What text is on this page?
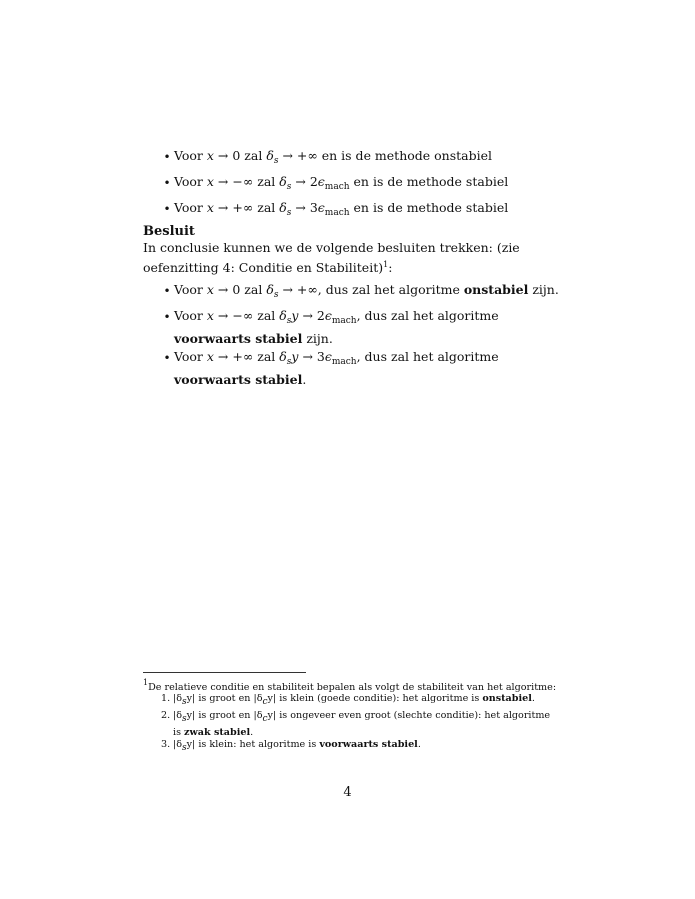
• Voor x → 0 zal $\delta_s$ → +∞ en is de methode onstabiel
• Voor x → −∞ zal $\delta_s \to 2\epsilon_{mach}$ en is de methode stabiel
• Voor x → +∞ zal $\delta_s \to 3\epsilon_{mach}$ en is de methode stabiel
Besluit
In conclusie kunnen we de volgende besluiten trekken: (zie oefenzitting 4: Conditie en Stabiliteit)$^1$:
• Voor x → 0 zal $\delta_s$ → +∞, dus zal het algoritme onstabiel zijn.
• Voor x → −∞ zal $\delta_sy \to 2\epsilon_{mach}$, dus zal het algoritme voorwaarts stabiel zijn.
• Voor x → +∞ zal $\delta_sy \to 3\epsilon_{mach}$, dus zal het algoritme voorwaarts stabiel.
$^1$De relatieve conditie en stabiliteit bepalen als volgt de stabiliteit van het algoritme:
1. |δsy| is groot en |δcy| is klein (goede conditie): het algoritme is onstabiel.
2. |δsy| is groot en |δcy| is ongeveer even groot (slechte conditie): het algoritme is zwak stabiel.
3. |δsy| is klein: het algoritme is voorwaarts stabiel.
4
